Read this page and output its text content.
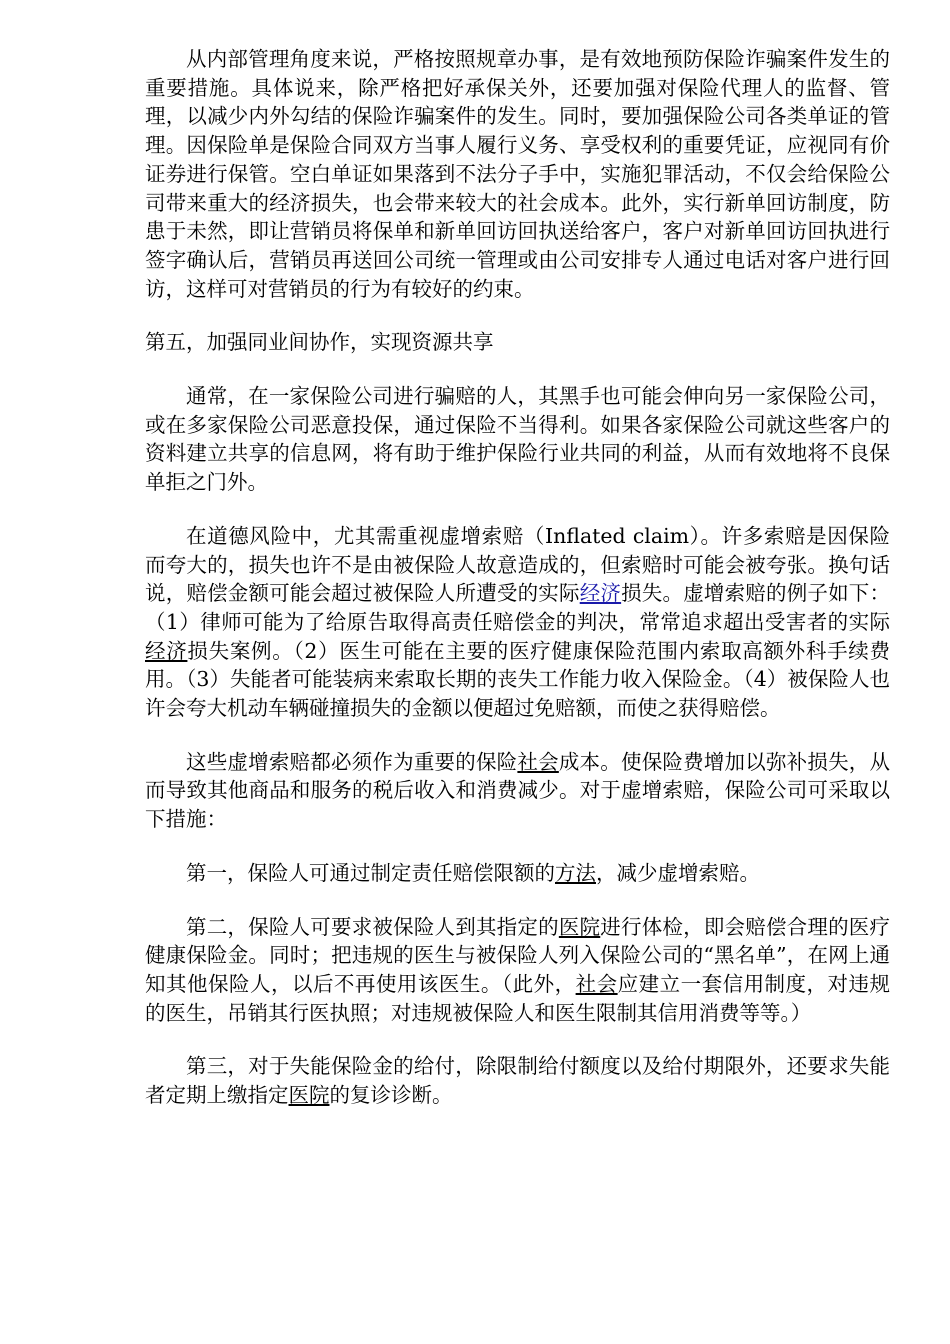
从内部管理角度来说，严格按照规章办事，是有效地预防保险诈骗案件发生的重要措施。具体说来，除严格把好承保关外，还要加强对保险代理人的监督、管理，以减少内外勾结的保险诈骗案件的发生。同时，要加强保险公司各类单证的管理。因保险单是保险合同双方当事人履行义务、享受权利的重要凭证，应视同有价证券进行保管。空白单证如果落到不法分子手中，实施犯罪活动，不仅会给保险公司带来重大的经济损失，也会带来较大的社会成本。此外，实行新单回访制度，防患于未然，即让营销员将保单和新单回访回执送给客户，客户对新单回访回执进行签字确认后，营销员再送回公司统一管理或由公司安排专人通过电话对客户进行回访，这样可对营销员的行为有较好的约束。

第五，加强同业间协作，实现资源共享

通常，在一家保险公司进行骗赔的人，其黑手也可能会伸向另一家保险公司，或在多家保险公司恶意投保，通过保险不当得利。如果各家保险公司就这些客户的资料建立共享的信息网，将有助于维护保险行业共同的利益，从而有效地将不良保单拒之门外。

在道德风险中，尤其需重视虚增索赔（Inflated claim）。许多索赔是因保险而夸大的，损失也许不是由被保险人故意造成的，但索赔时可能会被夸张。换句话说，赔偿金额可能会超过被保险人所遭受的实际经济损失。虚增索赔的例子如下：（1）律师可能为了给原告取得高责任赔偿金的判决，常常追求超出受害者的实际经济损失案例。（2）医生可能在主要的医疗健康保险范围内索取高额外科手续费用。（3）失能者可能装病来索取长期的丧失工作能力收入保险金。（4）被保险人也许会夸大机动车辆碰撞损失的金额以便超过免赔额，而使之获得赔偿。

这些虚增索赔都必须作为重要的保险社会成本。使保险费增加以弥补损失，从而导致其他商品和服务的税后收入和消费减少。对于虚增索赔，保险公司可采取以下措施：

第一，保险人可通过制定责任赔偿限额的方法，减少虚增索赔。

第二，保险人可要求被保险人到其指定的医院进行体检，即会赔偿合理的医疗健康保险金。同时；把违规的医生与被保险人列入保险公司的“黑名单”，在网上通知其他保险人，以后不再使用该医生。（此外，社会应建立一套信用制度，对违规的医生，吊销其行医执照；对违规被保险人和医生限制其信用消费等等。）

第三，对于失能保险金的给付，除限制给付额度以及给付期限外，还要求失能者定期上缴指定医院的复诊诊断。
